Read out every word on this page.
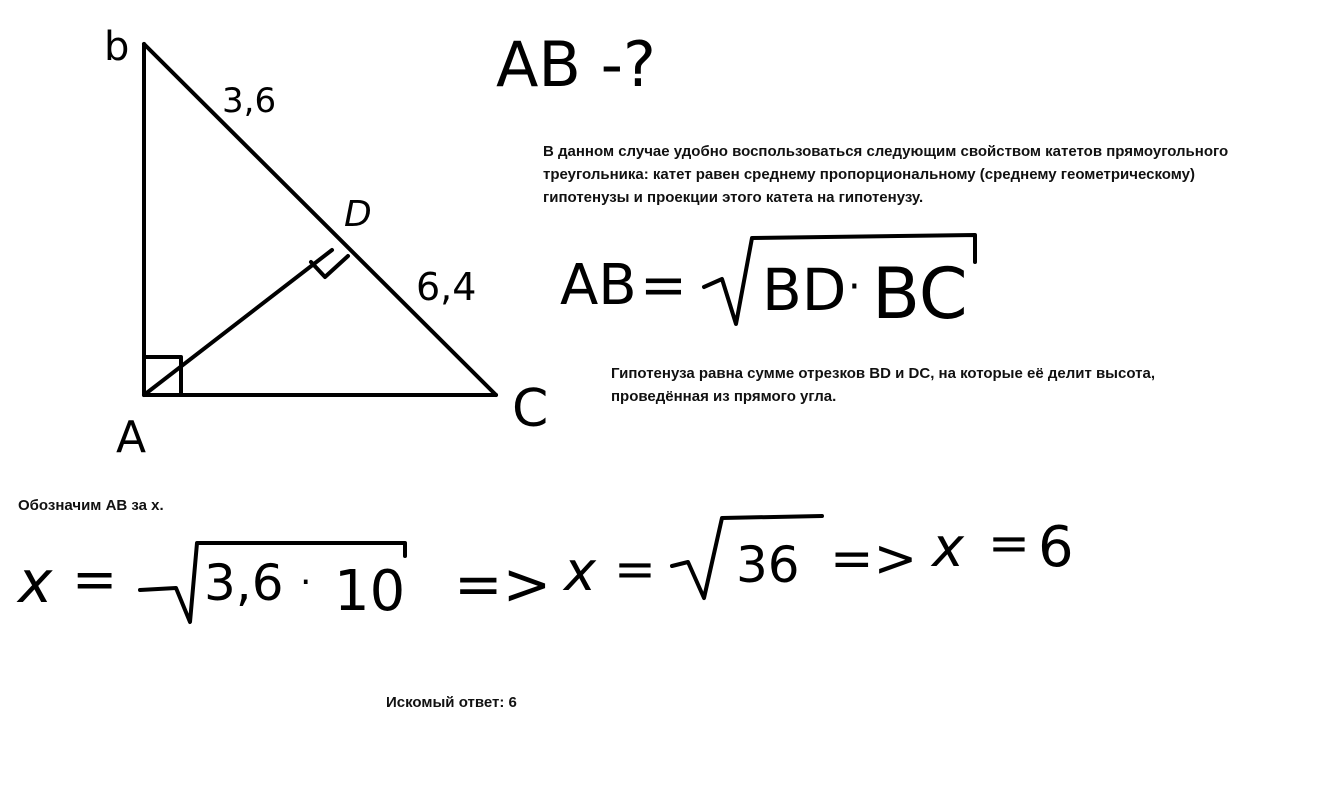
b
A	C
D
3,6
6,4
AB -?
AB = BD · BC
x = 3,6 · 10 => x = 36 => x = 6
В данном случае удобно воспользоваться следующим свойством катетов прямоугольного
треугольника: катет равен среднему пропорциональному (среднему геометрическому)
гипотенузы и проекции этого катета на гипотенузу.
Гипотенуза равна сумме отрезков BD и DC, на которые её делит высота,
проведённая из прямого угла.
Обозначим AB за x.
Искомый ответ: 6
